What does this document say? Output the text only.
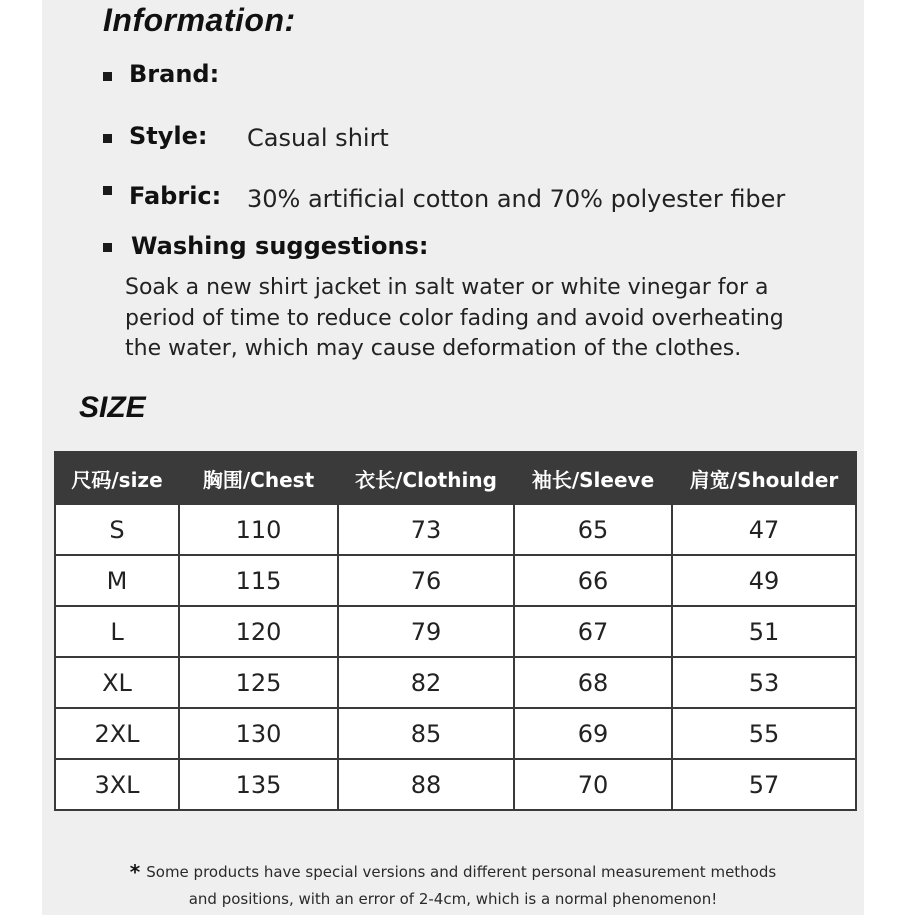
Information:
Brand:
Style: Casual shirt
Fabric: 30% artificial cotton and 70% polyester fiber
Washing suggestions:
Soak a new shirt jacket in salt water or white vinegar for a
period of time to reduce color fading and avoid overheating
the water, which may cause deformation of the clothes.
SIZE
尺码/size	胸围/Chest	衣长/Clothing	袖长/Sleeve	肩宽/Shoulder
S	110	73	65	47
M	115	76	66	49
L	120	79	67	51
XL	125	82	68	53
2XL	130	85	69	55
3XL	135	88	70	57
* Some products have special versions and different personal measurement methods
and positions, with an error of 2-4cm, which is a normal phenomenon!
